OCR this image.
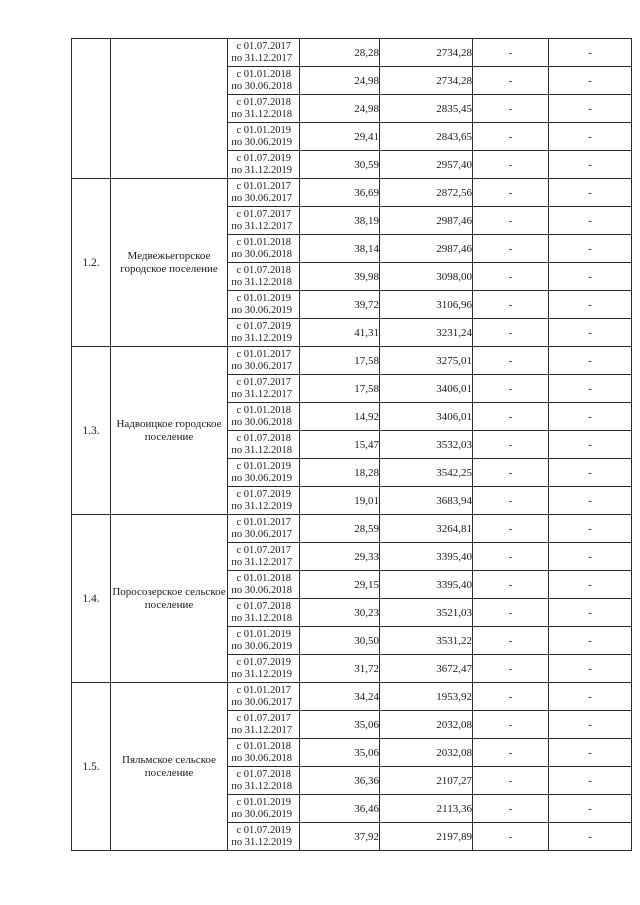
		с 01.07.2017
по 31.12.2017	28,28	2734,28	-	-

		с 01.01.2018
по 30.06.2018	24,98	2734,28	-	-

		с 01.07.2018
по 31.12.2018	24,98	2835,45	-	-

		с 01.01.2019
по 30.06.2019	29,41	2843,65	-	-

		с 01.07.2019
по 31.12.2019	30,59	2957,40	-	-
1.2.	Медвежьегорское городское поселение	с 01.01.2017
по 30.06.2017	36,69	2872,56	-	-

		с 01.07.2017
по 31.12.2017	38,19	2987,46	-	-

		с 01.01.2018
по 30.06.2018	38,14	2987,46	-	-

		с 01.07.2018
по 31.12.2018	39,98	3098,00	-	-

		с 01.01.2019
по 30.06.2019	39,72	3106,96	-	-

		с 01.07.2019
по 31.12.2019	41,31	3231,24	-	-
1.3.	Надвоицкое городское поселение	с 01.01.2017
по 30.06.2017	17,58	3275,01	-	-

		с 01.07.2017
по 31.12.2017	17,58	3406,01	-	-

		с 01.01.2018
по 30.06.2018	14,92	3406,01	-	-

		с 01.07.2018
по 31.12.2018	15,47	3532,03	-	-

		с 01.01.2019
по 30.06.2019	18,28	3542,25	-	-

		с 01.07.2019
по 31.12.2019	19,01	3683,94	-	-
1.4.	Поросозерское сельское поселение	с 01.01.2017
по 30.06.2017	28,59	3264,81	-	-

		с 01.07.2017
по 31.12.2017	29,33	3395,40	-	-

		с 01.01.2018
по 30.06.2018	29,15	3395,40	-	-

		с 01.07.2018
по 31.12.2018	30,23	3521,03	-	-

		с 01.01.2019
по 30.06.2019	30,50	3531,22	-	-

		с 01.07.2019
по 31.12.2019	31,72	3672,47	-	-
1.5.	Пяльмское сельское поселение	с 01.01.2017
по 30.06.2017	34,24	1953,92	-	-

		с 01.07.2017
по 31.12.2017	35,06	2032,08	-	-

		с 01.01.2018
по 30.06.2018	35,06	2032,08	-	-

		с 01.07.2018
по 31.12.2018	36,36	2107,27	-	-

		с 01.01.2019
по 30.06.2019	36,46	2113,36	-	-

		с 01.07.2019
по 31.12.2019	37,92	2197,89	-	-
